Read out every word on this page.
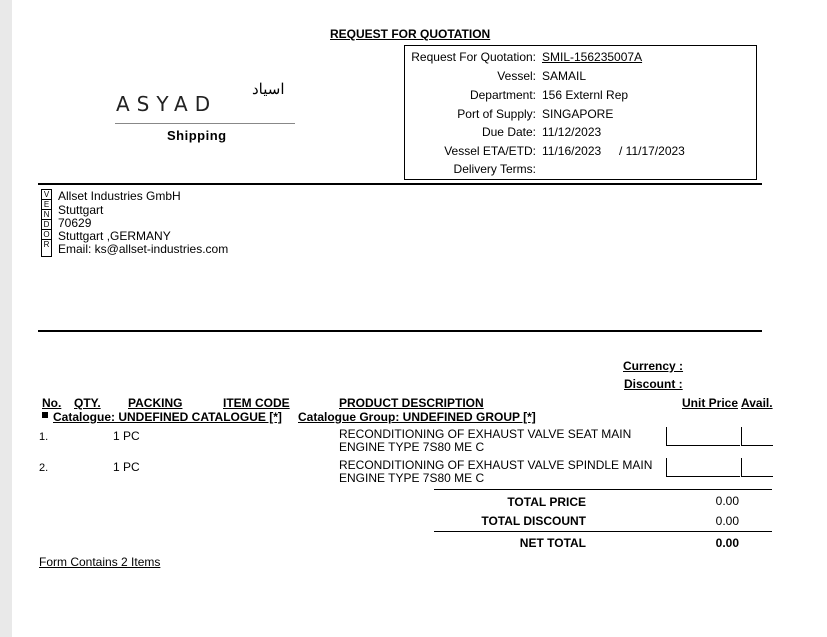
REQUEST FOR QUOTATION
اسياد
ASYAD
Shipping
Request For Quotation: SMIL-156235007A
Vessel: SAMAIL
Department: 156 Externl Rep
Port of Supply: SINGAPORE
Due Date: 11/12/2023
Vessel ETA/ETD: 11/16/2023 / 11/17/2023
Delivery Terms:
V
E
N
D
O
R
Allset Industries GmbH
Stuttgart
70629
Stuttgart ,GERMANY
Email: ks@allset-industries.com
Currency :
Discount :
No. QTY. PACKING	ITEM CODE	PRODUCT DESCRIPTION	Unit Price Avail.
Catalogue: UNDEFINED CATALOGUE [*] Catalogue Group: UNDEFINED GROUP [*]
1.	1 PC	RECONDITIONING OF EXHAUST VALVE SEAT MAIN
ENGINE TYPE 7S80 ME C
2.	1 PC	RECONDITIONING OF EXHAUST VALVE SPINDLE MAIN
ENGINE TYPE 7S80 ME C
TOTAL PRICE	0.00
TOTAL DISCOUNT	0.00
NET TOTAL	0.00
Form Contains 2 Items
